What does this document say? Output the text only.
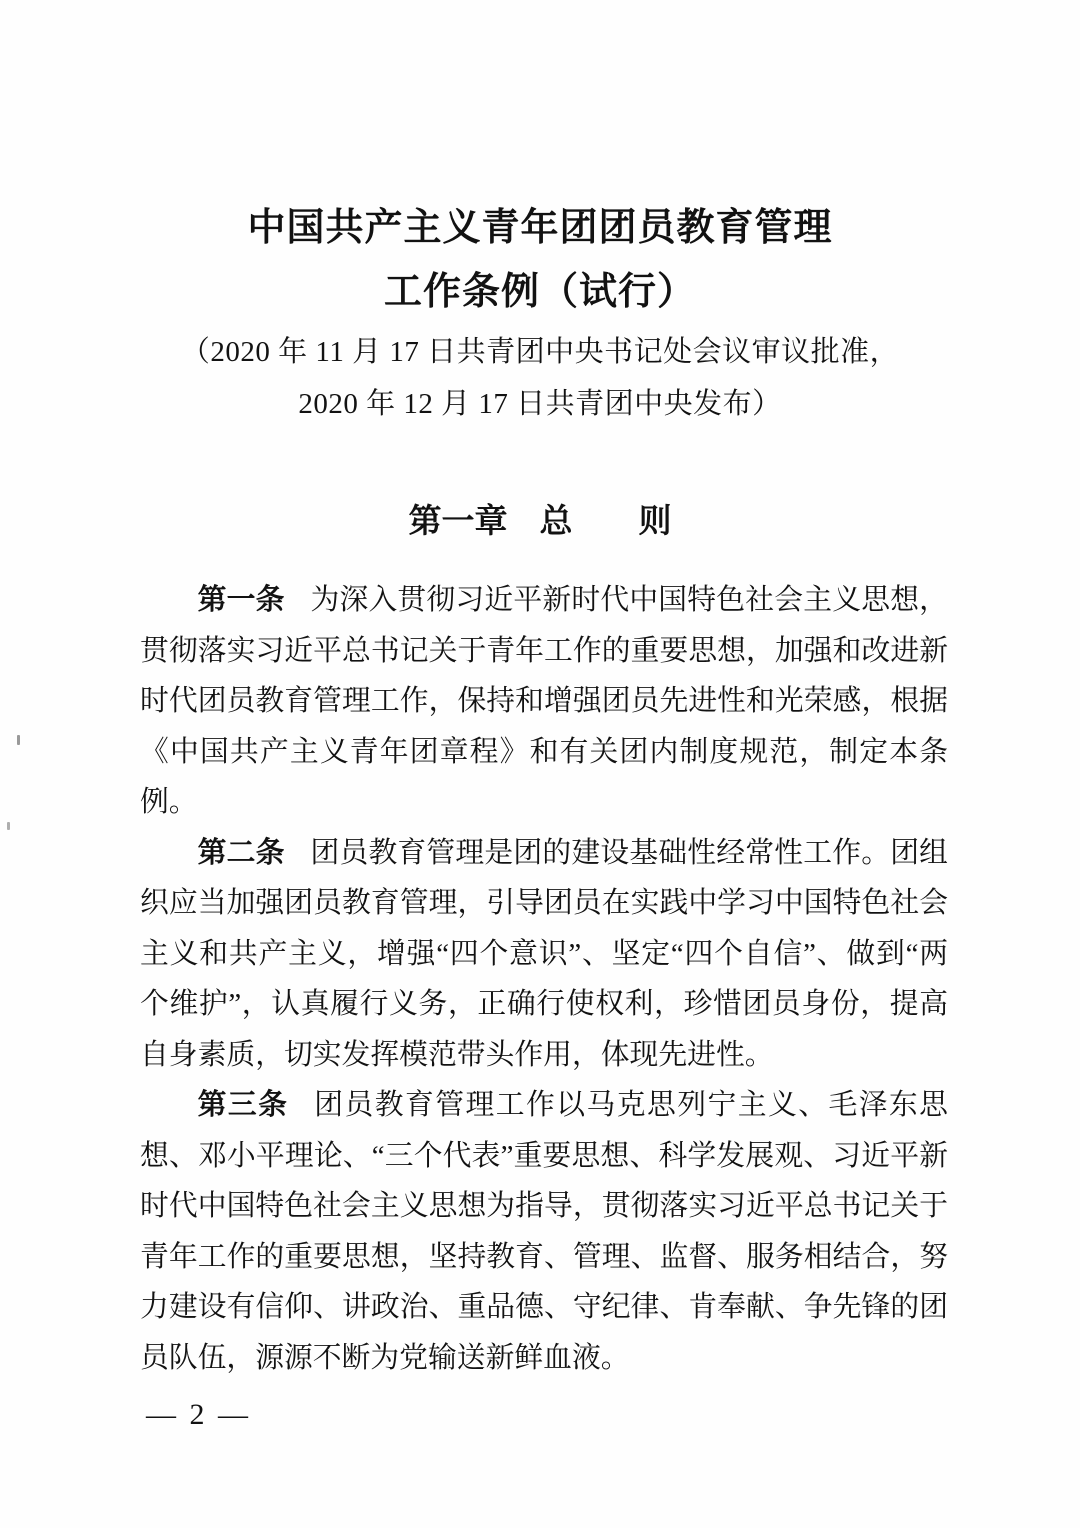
中国共产主义青年团团员教育管理
工作条例（试行）
（2020 年 11 月 17 日共青团中央书记处会议审议批准，
2020 年 12 月 17 日共青团中央发布）
第一章 总 则

第一条 为深入贯彻习近平新时代中国特色社会主义思想，贯彻落实习近平总书记关于青年工作的重要思想，加强和改进新时代团员教育管理工作，保持和增强团员先进性和光荣感，根据《中国共产主义青年团章程》和有关团内制度规范，制定本条例。

第二条 团员教育管理是团的建设基础性经常性工作。团组织应当加强团员教育管理，引导团员在实践中学习中国特色社会主义和共产主义，增强“四个意识”、坚定“四个自信”、做到“两个维护”，认真履行义务，正确行使权利，珍惜团员身份，提高自身素质，切实发挥模范带头作用，体现先进性。

第三条 团员教育管理工作以马克思列宁主义、毛泽东思想、邓小平理论、“三个代表”重要思想、科学发展观、习近平新时代中国特色社会主义思想为指导，贯彻落实习近平总书记关于青年工作的重要思想，坚持教育、管理、监督、服务相结合，努力建设有信仰、讲政治、重品德、守纪律、肯奉献、争先锋的团员队伍，源源不断为党输送新鲜血液。

— 2 —
